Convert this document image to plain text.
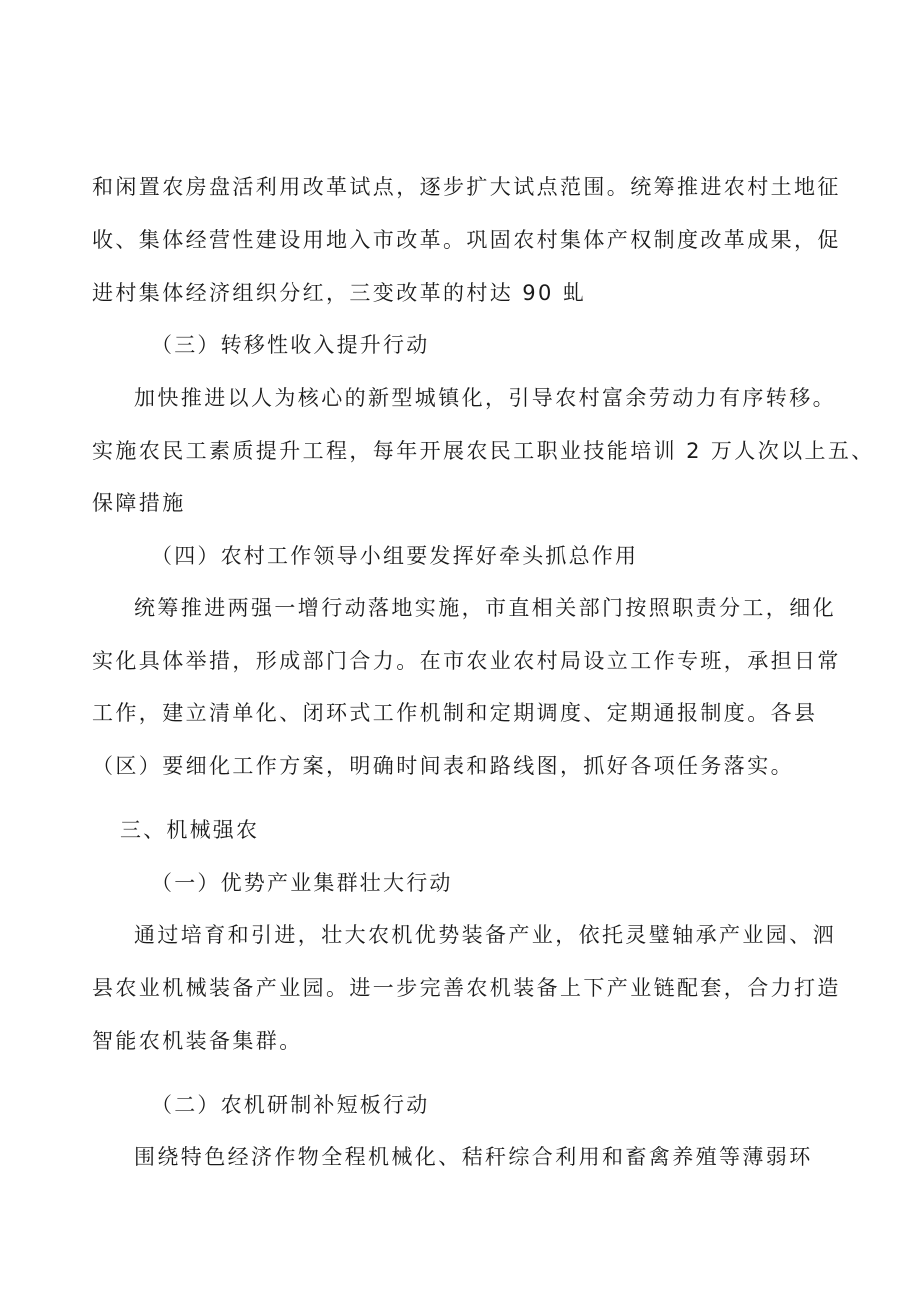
和闲置农房盘活利用改革试点，逐步扩大试点范围。统筹推进农村土地征
收、集体经营性建设用地入市改革。巩固农村集体产权制度改革成果，促
进村集体经济组织分红，三变改革的村达 90 虬
（三）转移性收入提升行动
加快推进以人为核心的新型城镇化，引导农村富余劳动力有序转移。
实施农民工素质提升工程，每年开展农民工职业技能培训 2 万人次以上五、
保障措施
（四）农村工作领导小组要发挥好牵头抓总作用
统筹推进两强一增行动落地实施，市直相关部门按照职责分工，细化
实化具体举措，形成部门合力。在市农业农村局设立工作专班，承担日常
工作，建立清单化、闭环式工作机制和定期调度、定期通报制度。各县
（区）要细化工作方案，明确时间表和路线图，抓好各项任务落实。
三、机械强农
（一）优势产业集群壮大行动
通过培育和引进，壮大农机优势装备产业，依托灵璧轴承产业园、泗
县农业机械装备产业园。进一步完善农机装备上下产业链配套，合力打造
智能农机装备集群。
（二）农机研制补短板行动
围绕特色经济作物全程机械化、秸秆综合利用和畜禽养殖等薄弱环
